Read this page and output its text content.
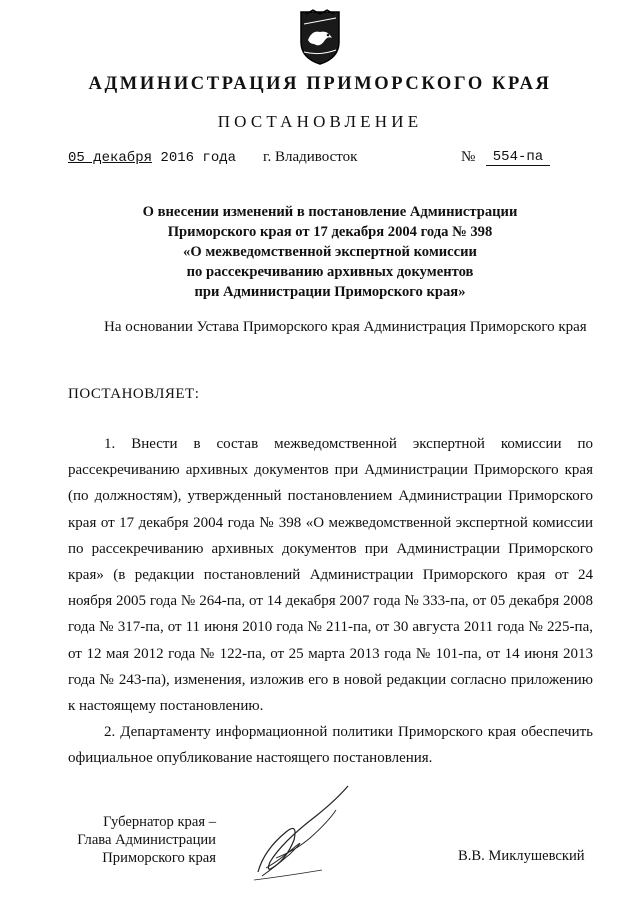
АДМИНИСТРАЦИЯ ПРИМОРСКОГО КРАЯ
ПОСТАНОВЛЕНИЕ
05 декабря 2016 года г. Владивосток	№	554-па
О внесении изменений в постановление Администрации
Приморского края от 17 декабря 2004 года № 398
«О межведомственной экспертной комиссии
по рассекречиванию архивных документов
при Администрации Приморского края»
На основании Устава Приморского края Администрация Приморского края
ПОСТАНОВЛЯЕТ:
1. Внести в состав межведомственной экспертной комиссии по рассекречиванию архивных документов при Администрации Приморского края (по должностям), утвержденный постановлением Администрации Приморского края от 17 декабря 2004 года № 398 «О межведомственной экспертной комиссии по рассекречиванию архивных документов при Администрации Приморского края» (в редакции постановлений Администрации Приморского края от 24 ноября 2005 года № 264-па, от 14 декабря 2007 года № 333-па, от 05 декабря 2008 года № 317-па, от 11 июня 2010 года № 211-па, от 30 августа 2011 года № 225-па, от 12 мая 2012 года № 122-па, от 25 марта 2013 года № 101-па, от 14 июня 2013 года № 243-па), изменения, изложив его в новой редакции согласно приложению к настоящему постановлению.
2. Департаменту информационной политики Приморского края обеспечить официальное опубликование настоящего постановления.
Губернатор края –
Глава Администрации
Приморского края	В.В. Миклушевский
